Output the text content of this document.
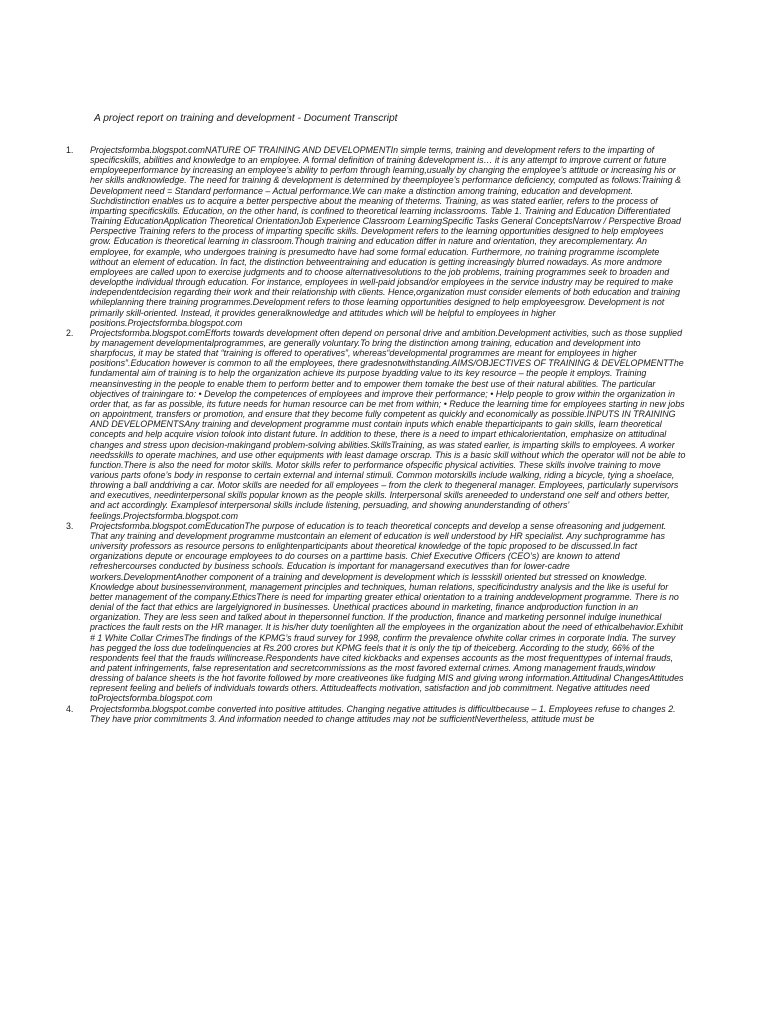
A project report on training and development - Document Transcript
1. Projectsformba.blogspot.comNATURE OF TRAINING AND DEVELOPMENTIn simple terms, training and development refers to the imparting of specificskills, abilities and knowledge to an employee. A formal definition of training &development is… it is any attempt to improve current or future employeeperformance by increasing an employee’s ability to perfom through learning,usually by changing the employee’s attitude or increasing his or her skills andknowledge. The need for training & development is determined by theemployee’s performance deficiency, computed as follows:Training & Development need = Standard performance – Actual performance.We can make a distinction among training, education and development. Suchdistinction enables us to acquire a better perspective about the meaning of theterms. Training, as was stated earlier, refers to the process of imparting specificskills. Education, on the other hand, is confined to theoretical learning inclassrooms. Table 1. Training and Education Differentiated Training EducationApplication Theoretical OrientationJob Experience Classroom LearningSpecific Tasks General ConceptsNarrow / Perspective Broad Perspective Training refers to the process of imparting specific skills. Development refers to the learning opportunities designed to help employees grow. Education is theoretical learning in classroom.Though training and education differ in nature and orientation, they arecomplementary. An employee, for example, who undergoes training is presumedto have had some formal education. Furthermore, no training programme iscomplete without an element of education. In fact, the distinction betweentraining and education is getting increasingly blurred nowadays. As more andmore employees are called upon to exercise judgments and to choose alternativesolutions to the job problems, training programmes seek to broaden and developthe individual through education. For instance, employees in well-paid jobsand/or employees in the service industry may be required to make independentdecision regarding their work and their relationship with clients. Hence,organization must consider elements of both education and training whileplanning there training programmes.Development refers to those learning opportunities designed to help employeesgrow. Development is not primarily skill-oriented. Instead, it provides generalknowledge and attitudes which will be helpful to employees in higher positions.Projectsformba.blogspot.com
2. Projectsformba.blogspot.comEfforts towards development often depend on personal drive and ambition.Development activities, such as those supplied by management developmentalprogrammes, are generally voluntary.To bring the distinction among training, education and development into sharpfocus, it may be stated that “training is offered to operatives”, whereas“developmental programmes are meant for employees in higher positions”.Education however is common to all the employees, there gradesnotwithstanding.AIMS/OBJECTIVES OF TRAINING & DEVELOPMENTThe fundamental aim of training is to help the organization achieve its purpose byadding value to its key resource – the people it employs. Training meansinvesting in the people to enable them to perform better and to empower them tomake the best use of their natural abilities. The particular objectives of trainingare to: • Develop the competences of employees and improve their performance; • Help people to grow within the organization in order that, as far as possible, its future needs for human resource can be met from within; • Reduce the learning time for employees starting in new jobs on appointment, transfers or promotion, and ensure that they become fully competent as quickly and economically as possible.INPUTS IN TRAINING AND DEVELOPMENTSAny training and development programme must contain inputs which enable theparticipants to gain skills, learn theoretical concepts and help acquire vision tolook into distant future. In addition to these, there is a need to impart ethicalorientation, emphasize on attitudinal changes and stress upon decision-makingand problem-solving abilities.SkillsTraining, as was stated earlier, is imparting skills to employees. A worker needsskills to operate machines, and use other equipments with least damage orscrap. This is a basic skill without which the operator will not be able to function.There is also the need for motor skills. Motor skills refer to performance ofspecific physical activities. These skills involve training to move various parts ofone’s body in response to certain external and internal stimuli. Common motorskills include walking, riding a bicycle, tying a shoelace, throwing a ball anddriving a car. Motor skills are needed for all employees – from the clerk to thegeneral manager. Employees, particularly supervisors and executives, needinterpersonal skills popular known as the people skills. Interpersonal skills areneeded to understand one self and others better, and act accordingly. Examplesof interpersonal skills include listening, persuading, and showing anunderstanding of others’ feelings.Projectsformba.blogspot.com
3. Projectsformba.blogspot.comEducationThe purpose of education is to teach theoretical concepts and develop a sense ofreasoning and judgement. That any training and development programme mustcontain an element of education is well understood by HR specialist. Any suchprogramme has university professors as resource persons to enlightenparticipants about theoretical knowledge of the topic proposed to be discussed.In fact organizations depute or encourage employees to do courses on a parttime basis. Chief Executive Officers (CEO’s) are known to attend refreshercourses conducted by business schools. Education is important for managersand executives than for lower-cadre workers.DevelopmentAnother component of a training and development is development which is lessskill oriented but stressed on knowledge. Knowledge about businessenvironment, management principles and techniques, human relations, specificindustry analysis and the like is useful for better management of the company.EthicsThere is need for imparting greater ethical orientation to a training anddevelopment programme. There is no denial of the fact that ethics are largelyignored in businesses. Unethical practices abound in marketing, finance andproduction function in an organization. They are less seen and talked about in thepersonnel function. If the production, finance and marketing personnel indulge inunethical practices the fault rests on the HR manager. It is his/her duty toenlighten all the employees in the organization about the need of ethicalbehavior.Exhibit # 1 White Collar CrimesThe findings of the KPMG’s fraud survey for 1998, confirm the prevalence ofwhite collar crimes in corporate India. The survey has pegged the loss due todelinquencies at Rs.200 crores but KPMG feels that it is only the tip of theiceberg. According to the study, 66% of the respondents feel that the frauds willincrease.Respondents have cited kickbacks and expenses accounts as the most frequenttypes of internal frauds, and patent infringements, false representation and secretcommissions as the most favored external crimes. Among management frauds,window dressing of balance sheets is the hot favorite followed by more creativeones like fudging MIS and giving wrong information.Attitudinal ChangesAttitudes represent feeling and beliefs of individuals towards others. Attitudeaffects motivation, satisfaction and job commitment. Negative attitudes need toProjectsformba.blogspot.com
4. Projectsformba.blogspot.combe converted into positive attitudes. Changing negative attitudes is difficultbecause – 1. Employees refuse to changes 2. They have prior commitments 3. And information needed to change attitudes may not be sufficientNevertheless, attitude must be
